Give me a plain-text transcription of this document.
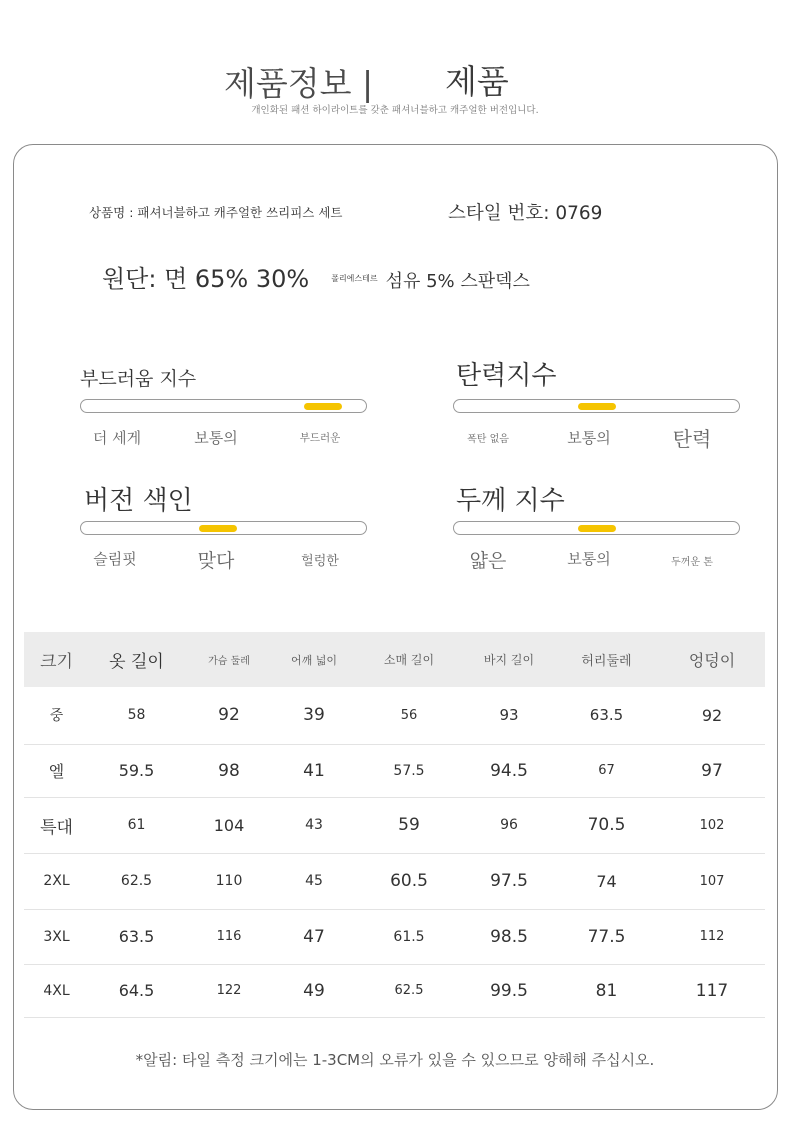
제품정보 | 제품
개인화된 패션 하이라이트를 갖춘 패셔너블하고 캐주얼한 버전입니다.
상품명 : 패셔너블하고 캐주얼한 쓰리피스 세트	스타일 번호: 0769
원단: 면 65% 30%	$^{폴리에스테르}$ 섬유 5% 스판덱스
부드러움 지수
더 세게	보통의	부드러운
탄력지수
폭탄 없음	보통의	탄력
버전 색인
슬림핏	맞다	헐렁한
두께 지수
얇은	보통의	두꺼운 톤
크기	옷 길이	가슴 둘레	어깨 넓이	소매 길이	바지 길이	허리둘레	엉덩이
중	58	92	39	56	93	63.5	92
엘	59.5	98	41	57.5	94.5	67	97
특대	61	104	43	59	96	70.5	102
2XL	62.5	110	45	60.5	97.5	74	107
3XL	63.5	116	47	61.5	98.5	77.5	112
4XL	64.5	122	49	62.5	99.5	81	117
*알림: 타일 측정 크기에는 1-3CM의 오류가 있을 수 있으므로 양해해 주십시오.
